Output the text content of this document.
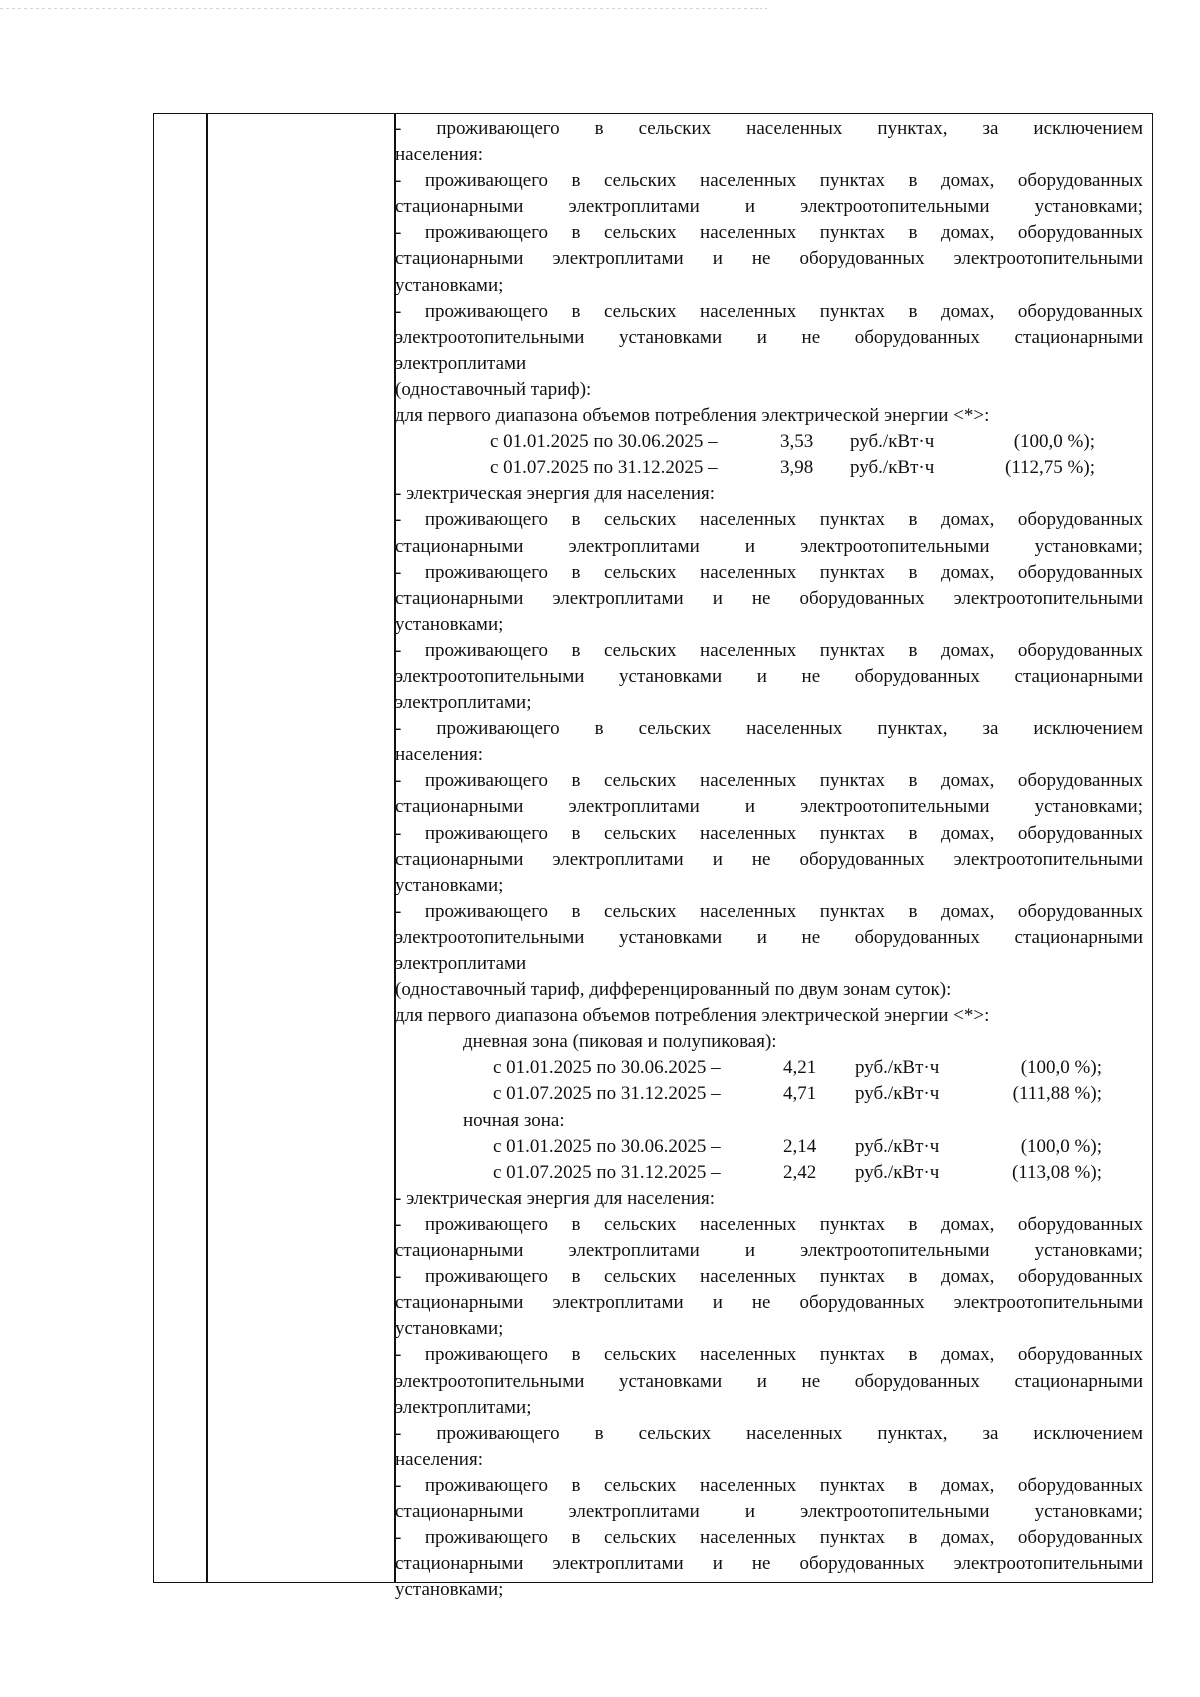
- проживающего в сельских населенных пунктах, за исключением
населения:
- проживающего в сельских населенных пунктах в домах, оборудованных
стационарными электроплитами и электроотопительными установками;
- проживающего в сельских населенных пунктах в домах, оборудованных
стационарными электроплитами и не оборудованных электроотопительными
установками;
- проживающего в сельских населенных пунктах в домах, оборудованных
электроотопительными установками и не оборудованных стационарными
электроплитами
(одноставочный тариф):
для первого диапазона объемов потребления электрической энергии <*>:
с 01.01.2025 по 30.06.2025 –	3,53	руб./кВт·ч	(100,0 %);
с 01.07.2025 по 31.12.2025 –	3,98	руб./кВт·ч	(112,75 %);
- электрическая энергия для населения:
- проживающего в сельских населенных пунктах в домах, оборудованных
стационарными электроплитами и электроотопительными установками;
- проживающего в сельских населенных пунктах в домах, оборудованных
стационарными электроплитами и не оборудованных электроотопительными
установками;
- проживающего в сельских населенных пунктах в домах, оборудованных
электроотопительными установками и не оборудованных стационарными
электроплитами;
- проживающего в сельских населенных пунктах, за исключением
населения:
- проживающего в сельских населенных пунктах в домах, оборудованных
стационарными электроплитами и электроотопительными установками;
- проживающего в сельских населенных пунктах в домах, оборудованных
стационарными электроплитами и не оборудованных электроотопительными
установками;
- проживающего в сельских населенных пунктах в домах, оборудованных
электроотопительными установками и не оборудованных стационарными
электроплитами
(одноставочный тариф, дифференцированный по двум зонам суток):
для первого диапазона объемов потребления электрической энергии <*>:
дневная зона (пиковая и полупиковая):
с 01.01.2025 по 30.06.2025 –	4,21	руб./кВт·ч	(100,0 %);
с 01.07.2025 по 31.12.2025 –	4,71	руб./кВт·ч	(111,88 %);
ночная зона:
с 01.01.2025 по 30.06.2025 –	2,14	руб./кВт·ч	(100,0 %);
с 01.07.2025 по 31.12.2025 –	2,42	руб./кВт·ч	(113,08 %);
- электрическая энергия для населения:
- проживающего в сельских населенных пунктах в домах, оборудованных
стационарными электроплитами и электроотопительными установками;
- проживающего в сельских населенных пунктах в домах, оборудованных
стационарными электроплитами и не оборудованных электроотопительными
установками;
- проживающего в сельских населенных пунктах в домах, оборудованных
электроотопительными установками и не оборудованных стационарными
электроплитами;
- проживающего в сельских населенных пунктах, за исключением
населения:
- проживающего в сельских населенных пунктах в домах, оборудованных
стационарными электроплитами и электроотопительными установками;
- проживающего в сельских населенных пунктах в домах, оборудованных
стационарными электроплитами и не оборудованных электроотопительными
установками;
